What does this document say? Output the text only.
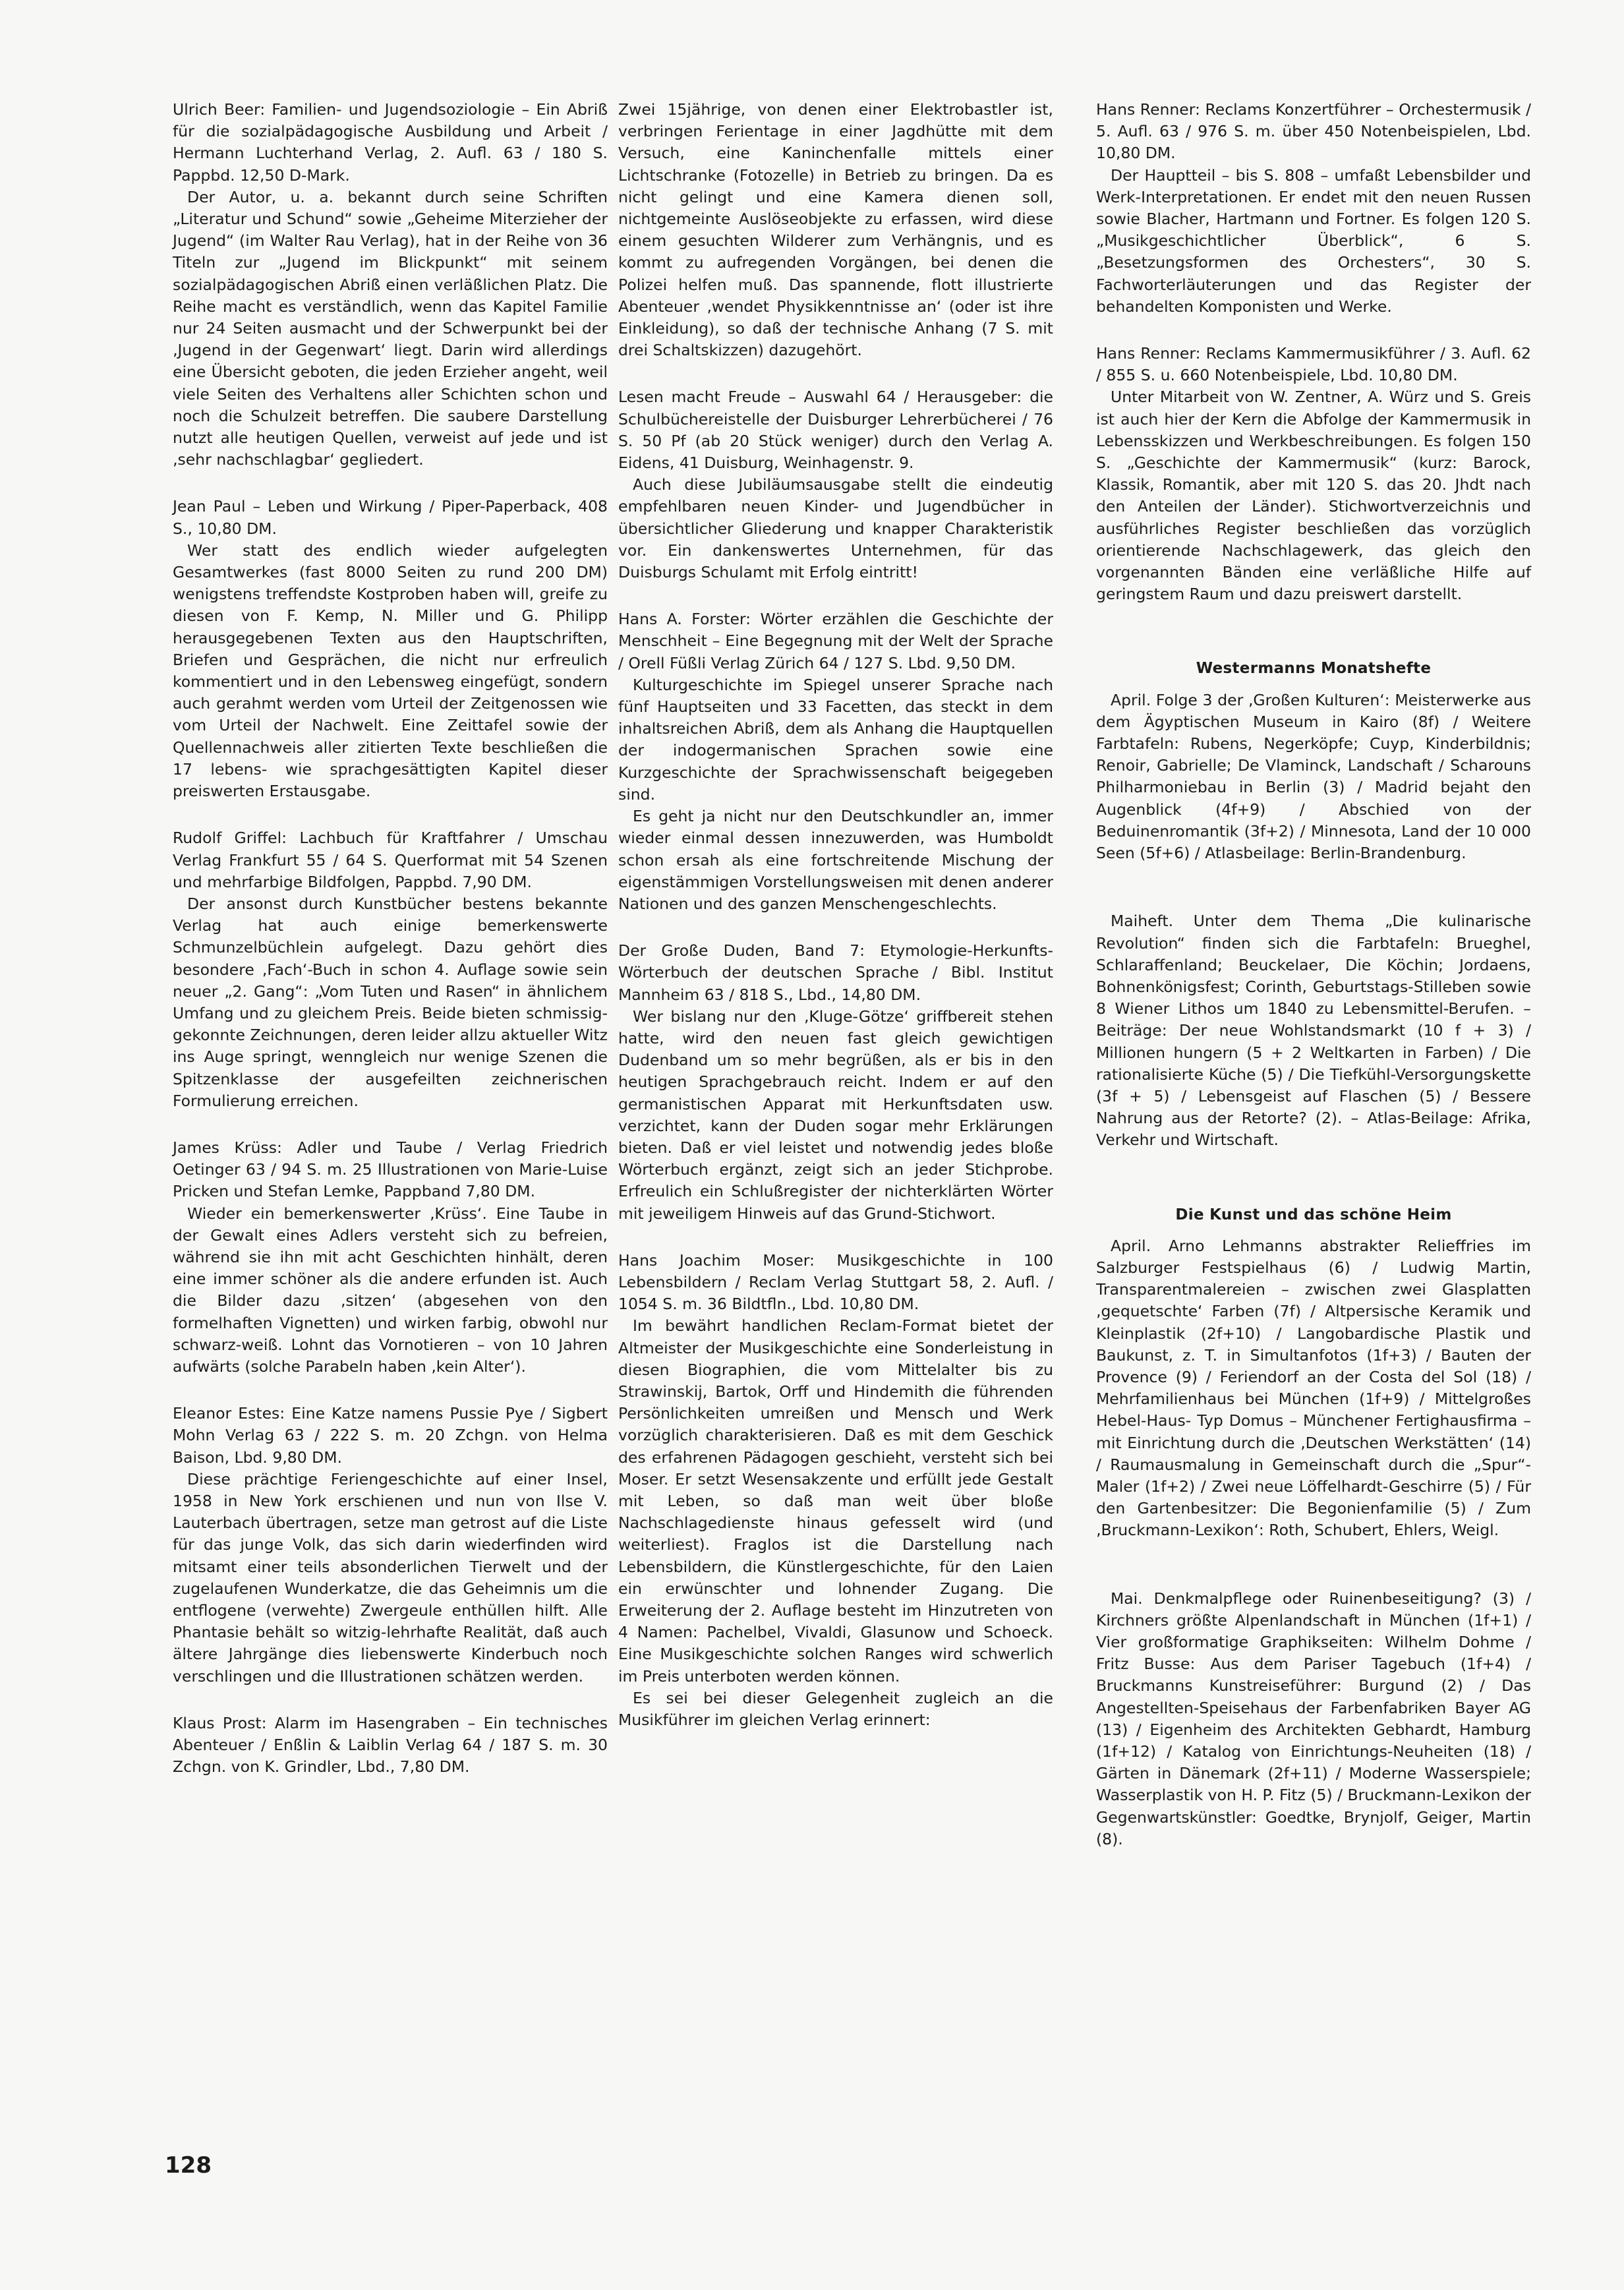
Ulrich Beer: Familien- und Jugendsoziologie – Ein Abriß für die sozialpädagogische Ausbildung und Arbeit / Hermann Luchterhand Verlag, 2. Aufl. 63 / 180 S. Pappbd. 12,50 D-Mark.

Der Autor, u. a. bekannt durch seine Schriften „Literatur und Schund“ sowie „Geheime Miterzieher der Jugend“ (im Walter Rau Verlag), hat in der Reihe von 36 Titeln zur „Jugend im Blickpunkt“ mit seinem sozialpädagogischen Abriß einen verläßlichen Platz. Die Reihe macht es verständlich, wenn das Kapitel Familie nur 24 Seiten ausmacht und der Schwerpunkt bei der ‚Jugend in der Gegenwart‘ liegt. Darin wird allerdings eine Übersicht geboten, die jeden Erzieher angeht, weil viele Seiten des Verhaltens aller Schichten schon und noch die Schulzeit betreffen. Die saubere Darstellung nutzt alle heutigen Quellen, verweist auf jede und ist ‚sehr nachschlagbar‘ gegliedert.

Jean Paul – Leben und Wirkung / Piper-Paperback, 408 S., 10,80 DM.

Wer statt des endlich wieder aufgelegten Gesamtwerkes (fast 8000 Seiten zu rund 200 DM) wenigstens treffendste Kostproben haben will, greife zu diesen von F. Kemp, N. Miller und G. Philipp herausgegebenen Texten aus den Hauptschriften, Briefen und Gesprächen, die nicht nur erfreulich kommentiert und in den Lebensweg eingefügt, sondern auch gerahmt werden vom Urteil der Zeitgenossen wie vom Urteil der Nachwelt. Eine Zeittafel sowie der Quellennachweis aller zitierten Texte beschließen die 17 lebens- wie sprachgesättigten Kapitel dieser preiswerten Erstausgabe.

Rudolf Griffel: Lachbuch für Kraftfahrer / Umschau Verlag Frankfurt 55 / 64 S. Querformat mit 54 Szenen und mehrfarbige Bildfolgen, Pappbd. 7,90 DM.

Der ansonst durch Kunstbücher bestens bekannte Verlag hat auch einige bemerkenswerte Schmunzelbüchlein aufgelegt. Dazu gehört dies besondere ‚Fach‘-Buch in schon 4. Auflage sowie sein neuer „2. Gang“: „Vom Tuten und Rasen“ in ähnlichem Umfang und zu gleichem Preis. Beide bieten schmissig-gekonnte Zeichnungen, deren leider allzu aktueller Witz ins Auge springt, wenngleich nur wenige Szenen die Spitzenklasse der ausgefeilten zeichnerischen Formulierung erreichen.

James Krüss: Adler und Taube / Verlag Friedrich Oetinger 63 / 94 S. m. 25 Illustrationen von Marie-Luise Pricken und Stefan Lemke, Pappband 7,80 DM.

Wieder ein bemerkenswerter ‚Krüss‘. Eine Taube in der Gewalt eines Adlers versteht sich zu befreien, während sie ihn mit acht Geschichten hinhält, deren eine immer schöner als die andere erfunden ist. Auch die Bilder dazu ‚sitzen‘ (abgesehen von den formelhaften Vignetten) und wirken farbig, obwohl nur schwarz-weiß. Lohnt das Vornotieren – von 10 Jahren aufwärts (solche Parabeln haben ‚kein Alter‘).

Eleanor Estes: Eine Katze namens Pussie Pye / Sigbert Mohn Verlag 63 / 222 S. m. 20 Zchgn. von Helma Baison, Lbd. 9,80 DM.

Diese prächtige Feriengeschichte auf einer Insel, 1958 in New York erschienen und nun von Ilse V. Lauterbach übertragen, setze man getrost auf die Liste für das junge Volk, das sich darin wiederfinden wird mitsamt einer teils absonderlichen Tierwelt und der zugelaufenen Wunderkatze, die das Geheimnis um die entflogene (verwehte) Zwergeule enthüllen hilft. Alle Phantasie behält so witzig-lehrhafte Realität, daß auch ältere Jahrgänge dies liebenswerte Kinderbuch noch verschlingen und die Illustrationen schätzen werden.

Klaus Prost: Alarm im Hasengraben – Ein technisches Abenteuer / Enßlin & Laiblin Verlag 64 / 187 S. m. 30 Zchgn. von K. Grindler, Lbd., 7,80 DM.

Zwei 15jährige, von denen einer Elektrobastler ist, verbringen Ferientage in einer Jagdhütte mit dem Versuch, eine Kaninchenfalle mittels einer Lichtschranke (Fotozelle) in Betrieb zu bringen. Da es nicht gelingt und eine Kamera dienen soll, nichtgemeinte Auslöseobjekte zu erfassen, wird diese einem gesuchten Wilderer zum Verhängnis, und es kommt zu aufregenden Vorgängen, bei denen die Polizei helfen muß. Das spannende, flott illustrierte Abenteuer ‚wendet Physikkenntnisse an‘ (oder ist ihre Einkleidung), so daß der technische Anhang (7 S. mit drei Schaltskizzen) dazugehört.

Lesen macht Freude – Auswahl 64 / Herausgeber: die Schulbüchereistelle der Duisburger Lehrerbücherei / 76 S. 50 Pf (ab 20 Stück weniger) durch den Verlag A. Eidens, 41 Duisburg, Weinhagenstr. 9.

Auch diese Jubiläumsausgabe stellt die eindeutig empfehlbaren neuen Kinder- und Jugendbücher in übersichtlicher Gliederung und knapper Charakteristik vor. Ein dankenswertes Unternehmen, für das Duisburgs Schulamt mit Erfolg eintritt!

Hans A. Forster: Wörter erzählen die Geschichte der Menschheit – Eine Begegnung mit der Welt der Sprache / Orell Füßli Verlag Zürich 64 / 127 S. Lbd. 9,50 DM.

Kulturgeschichte im Spiegel unserer Sprache nach fünf Hauptseiten und 33 Facetten, das steckt in dem inhaltsreichen Abriß, dem als Anhang die Hauptquellen der indogermanischen Sprachen sowie eine Kurzgeschichte der Sprachwissenschaft beigegeben sind.

Es geht ja nicht nur den Deutschkundler an, immer wieder einmal dessen innezuwerden, was Humboldt schon ersah als eine fortschreitende Mischung der eigenstämmigen Vorstellungsweisen mit denen anderer Nationen und des ganzen Menschengeschlechts.

Der Große Duden, Band 7: Etymologie-Herkunfts-Wörterbuch der deutschen Sprache / Bibl. Institut Mannheim 63 / 818 S., Lbd., 14,80 DM.

Wer bislang nur den ‚Kluge-Götze‘ griffbereit stehen hatte, wird den neuen fast gleich gewichtigen Dudenband um so mehr begrüßen, als er bis in den heutigen Sprachgebrauch reicht. Indem er auf den germanistischen Apparat mit Herkunftsdaten usw. verzichtet, kann der Duden sogar mehr Erklärungen bieten. Daß er viel leistet und notwendig jedes bloße Wörterbuch ergänzt, zeigt sich an jeder Stichprobe. Erfreulich ein Schlußregister der nichterklärten Wörter mit jeweiligem Hinweis auf das Grund-Stichwort.

Hans Joachim Moser: Musikgeschichte in 100 Lebensbildern / Reclam Verlag Stuttgart 58, 2. Aufl. / 1054 S. m. 36 Bildtfln., Lbd. 10,80 DM.

Im bewährt handlichen Reclam-Format bietet der Altmeister der Musikgeschichte eine Sonderleistung in diesen Biographien, die vom Mittelalter bis zu Strawinskij, Bartok, Orff und Hindemith die führenden Persönlichkeiten umreißen und Mensch und Werk vorzüglich charakterisieren. Daß es mit dem Geschick des erfahrenen Pädagogen geschieht, versteht sich bei Moser. Er setzt Wesensakzente und erfüllt jede Gestalt mit Leben, so daß man weit über bloße Nachschlagedienste hinaus gefesselt wird (und weiterliest). Fraglos ist die Darstellung nach Lebensbildern, die Künstlergeschichte, für den Laien ein erwünschter und lohnender Zugang. Die Erweiterung der 2. Auflage besteht im Hinzutreten von 4 Namen: Pachelbel, Vivaldi, Glasunow und Schoeck. Eine Musikgeschichte solchen Ranges wird schwerlich im Preis unterboten werden können.

Es sei bei dieser Gelegenheit zugleich an die Musikführer im gleichen Verlag erinnert:

Hans Renner: Reclams Konzertführer – Orchestermusik / 5. Aufl. 63 / 976 S. m. über 450 Notenbeispielen, Lbd. 10,80 DM.

Der Hauptteil – bis S. 808 – umfaßt Lebensbilder und Werk-Interpretationen. Er endet mit den neuen Russen sowie Blacher, Hartmann und Fortner. Es folgen 120 S. „Musikgeschichtlicher Überblick“, 6 S. „Besetzungsformen des Orchesters“, 30 S. Fachworterläuterungen und das Register der behandelten Komponisten und Werke.

Hans Renner: Reclams Kammermusikführer / 3. Aufl. 62 / 855 S. u. 660 Notenbeispiele, Lbd. 10,80 DM.

Unter Mitarbeit von W. Zentner, A. Würz und S. Greis ist auch hier der Kern die Abfolge der Kammermusik in Lebensskizzen und Werkbeschreibungen. Es folgen 150 S. „Geschichte der Kammermusik“ (kurz: Barock, Klassik, Romantik, aber mit 120 S. das 20. Jhdt nach den Anteilen der Länder). Stichwortverzeichnis und ausführliches Register beschließen das vorzüglich orientierende Nachschlagewerk, das gleich den vorgenannten Bänden eine verläßliche Hilfe auf geringstem Raum und dazu preiswert darstellt.

Westermanns Monatshefte

April. Folge 3 der ‚Großen Kulturen‘: Meisterwerke aus dem Ägyptischen Museum in Kairo (8f) / Weitere Farbtafeln: Rubens, Negerköpfe; Cuyp, Kinderbildnis; Renoir, Gabrielle; De Vlaminck, Landschaft / Scharouns Philharmoniebau in Berlin (3) / Madrid bejaht den Augenblick (4f+9) / Abschied von der Beduinenromantik (3f+2) / Minnesota, Land der 10 000 Seen (5f+6) / Atlasbeilage: Berlin-Brandenburg.

Maiheft. Unter dem Thema „Die kulinarische Revolution“ finden sich die Farbtafeln: Brueghel, Schlaraffenland; Beuckelaer, Die Köchin; Jordaens, Bohnenkönigsfest; Corinth, Geburtstags-Stilleben sowie 8 Wiener Lithos um 1840 zu Lebensmittel-Berufen. – Beiträge: Der neue Wohlstandsmarkt (10 f + 3) / Millionen hungern (5 + 2 Weltkarten in Farben) / Die rationalisierte Küche (5) / Die Tiefkühl-Versorgungskette (3f + 5) / Lebensgeist auf Flaschen (5) / Bessere Nahrung aus der Retorte? (2). – Atlas-Beilage: Afrika, Verkehr und Wirtschaft.

Die Kunst und das schöne Heim

April. Arno Lehmanns abstrakter Relieffries im Salzburger Festspielhaus (6) / Ludwig Martin, Transparentmalereien – zwischen zwei Glasplatten ‚gequetschte‘ Farben (7f) / Altpersische Keramik und Kleinplastik (2f+10) / Langobardische Plastik und Baukunst, z. T. in Simultanfotos (1f+3) / Bauten der Provence (9) / Feriendorf an der Costa del Sol (18) / Mehrfamilienhaus bei München (1f+9) / Mittelgroßes Hebel-Haus- Typ Domus – Münchener Fertighausfirma – mit Einrichtung durch die ‚Deutschen Werkstätten‘ (14) / Raumausmalung in Gemeinschaft durch die „Spur“-Maler (1f+2) / Zwei neue Löffelhardt-Geschirre (5) / Für den Gartenbesitzer: Die Begonienfamilie (5) / Zum ‚Bruckmann-Lexikon‘: Roth, Schubert, Ehlers, Weigl.

Mai. Denkmalpflege oder Ruinenbeseitigung? (3) / Kirchners größte Alpenlandschaft in München (1f+1) / Vier großformatige Graphikseiten: Wilhelm Dohme / Fritz Busse: Aus dem Pariser Tagebuch (1f+4) / Bruckmanns Kunstreiseführer: Burgund (2) / Das Angestellten-Speisehaus der Farbenfabriken Bayer AG (13) / Eigenheim des Architekten Gebhardt, Hamburg (1f+12) / Katalog von Einrichtungs-Neuheiten (18) / Gärten in Dänemark (2f+11) / Moderne Wasserspiele; Wasserplastik von H. P. Fitz (5) / Bruckmann-Lexikon der Gegenwartskünstler: Goedtke, Brynjolf, Geiger, Martin (8).

128
